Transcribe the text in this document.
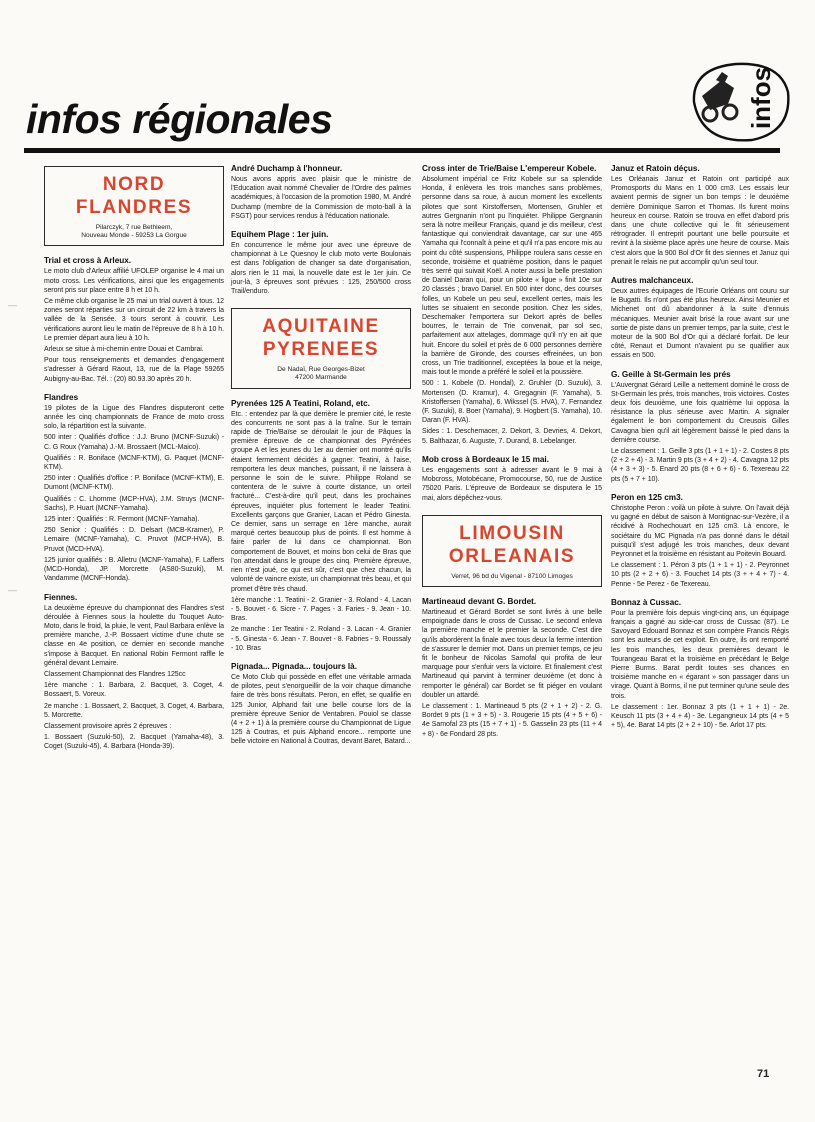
—
—
infos
infos régionales
NORD
FLANDRES
Pilarczyk, 7 rue Bethleem,
Nouveau Monde - 59253 La Gorgue
Trial et cross à Arleux.

Le moto club d'Arleux affilié UFOLEP organise le 4 mai un moto cross. Les vérifications, ainsi que les engagements seront pris sur place entre 8 h et 10 h.

Ce même club organise le 25 mai un trial ouvert à tous. 12 zones seront réparties sur un circuit de 22 km à travers la vallée de la Sensée. 3 tours seront à couvrir. Les vérifications auront lieu le matin de l'épreuve de 8 h à 10 h. Le premier départ aura lieu à 10 h.

Arleux se situe à mi-chemin entre Douai et Cambrai.

Pour tous renseignements et demandes d'engagement s'adresser à Gérard Raout, 13, rue de la Plage 59265 Aubigny-au-Bac. Tél. : (20) 80.93.30 après 20 h.

Flandres

19 pilotes de la Ligue des Flandres disputeront cette année les cinq championnats de France de moto cross solo, la répartition est la suivante.

500 inter : Qualifiés d'office : J.J. Bruno (MCNF-Suzuki) - C. G Roux (Yamaha) J.-M. Brossaert (MCL-Maico).

Qualifiés : R. Boniface (MCNF-KTM), G. Paquet (MCNF-KTM).

250 inter : Qualifiés d'office : P. Boniface (MCNF-KTM), E. Dumont (MCNF-KTM).

Qualifiés : C. Lhomme (MCP-HVA), J.M. Struys (MCNF-Sachs), P. Huart (MCNF-Yamaha).

125 inter : Qualifiés : R. Fermont (MCNF-Yamaha).

250 Senior : Qualifiés : D. Delsart (MCB-Kramer), P. Lemaire (MCNF-Yamaha), C. Pruvot (MCP-HVA), B. Pruvot (MCD-HVA).

125 junior qualifiés : B. Alletru (MCNF-Yamaha), F. Laffers (MCD-Honda), JP. Morcrette (AS80-Suzuki), M. Vandamme (MCNF-Honda).

Fiennes.

La deuxième épreuve du championnat des Flandres s'est déroulée à Fiennes sous la houlette du Touquet Auto-Moto, dans le froid, la pluie, le vent, Paul Barbara enlève la première manche, J.-P. Bossaert victime d'une chute se classe en 4e position, ce dernier en seconde manche s'impose à Bacquet. En national Robin Fermont raffle le général devant Lemaire.

Classement Championnat des Flandres 125cc

1ère manche : 1. Barbara, 2. Bacquet, 3. Coget, 4. Bossaert, 5. Voreux.

2e manche : 1. Bossaert, 2. Bacquet, 3. Coget, 4. Barbara, 5. Morcrette.

Classement provisoire après 2 épreuves :

1. Bossaert (Suzuki-50), 2. Bacquet (Yamaha-48), 3. Coget (Suzuki-45), 4. Barbara (Honda-39).

André Duchamp à l'honneur.

Nous avons appris avec plaisir que le ministre de l'Education avait nommé Chevalier de l'Ordre des palmes académiques, à l'occasion de la promotion 1980, M. André Duchamp (membre de la Commission de moto-ball à la FSGT) pour services rendus à l'éducation nationale.

Equihem Plage : 1er juin.

En concurrence le même jour avec une épreuve de championnat à Le Quesnoy le club moto verte Boulonais est dans l'obligation de changer sa date d'organisation, alors rien le 11 mai, la nouvelle date est le 1er juin. Ce jour-là, 3 épreuves sont prévues : 125, 250/500 cross Trail/enduro.

AQUITAINE
PYRENEES
De Nadaï, Rue Georges-Bizet
47200 Marmande
Pyrenées 125 A Teatini, Roland, etc.

Etc. : entendez par là que derrière le premier cité, le reste des concurrents ne sont pas à la traîne. Sur le terrain rapide de Trie/Baïse se déroulait le jour de Pâques la première épreuve de ce championnat des Pyrénées groupe A et les jeunes du 1er au dernier ont montré qu'ils étaient fermement décidés à gagner. Teatini, à l'aise, remportera les deux manches, puissant, il ne laissera à personne le soin de le suivre. Philippe Roland se contentera de le suivre à courte distance, un orteil fracturé... C'est-à-dire qu'il peut, dans les prochaines épreuves, inquiéter plus fortement le leader Teatini. Excellents garçons que Granier, Lacan et Pédro Ginesta. Ce dernier, sans un serrage en 1ère manche, aurait marqué certes beaucoup plus de points. Il est homme à faire parler de lui dans ce championnat. Bon comportement de Bouvet, et moins bon celui de Bras que l'on attendait dans le groupe des cinq. Première épreuve, rien n'est joué, ce qui est sûr, c'est que chez chacun, la volonté de vaincre existe, un championnat très beau, et qui promet d'être très chaud.

1ère manche : 1. Teatini - 2. Granier - 3. Roland - 4. Lacan - 5. Bouvet - 6. Sicre - 7. Pages - 3. Faries - 9. Jean - 10. Bras.

2e manche : 1er Teatini - 2. Roland - 3. Lacan - 4. Granier - 5. Ginesta - 6. Jean - 7. Bouvet - 8. Fabries - 9. Roussaly - 10. Bras

Pignada... Pignada... toujours là.

Ce Moto Club qui possède en effet une véritable armada de pilotes, peut s'enorgueillir de la voir chaque dimanche faire de très bons résultats. Peron, en effet, se qualifie en 125 Junior, Alphand fait une belle course lors de la première épreuve Senior de Ventabren. Pouiol se classe (4 + 2 + 1) à la première course du Championnat de Ligue 125 à Coutras, et puis Alphand encore... remporte une belle victoire en National à Coutras, devant Baret, Batard...

Cross inter de Trie/Baise L'empereur Kobele.

Absolument impérial ce Fritz Kobele sur sa splendide Honda, il enlèvera les trois manches sans problèmes, personne dans sa roue, à aucun moment les excellents pilotes que sont Kirstoffersen, Mortensen, Gruhler et autres Gergnanin n'ont pu l'inquiéter. Philippe Gergnanin sera là notre meilleur Français, quand je dis meilleur, c'est fantastique qui conviendrait davantage, car sur une 465 Yamaha qui l'connaît à peine et qu'il n'a pas encore mis au point du côté suspensions, Philippe roulera sans cesse en seconde, troisième et quatrième position, dans le paquet très serré qui suivait Koël. A noter aussi la belle prestation de Daniel Daran qui, pour un pilote « ligue » finit 10e sur 20 classés ; bravo Daniel. En 500 inter donc, des courses folles, un Kobele un peu seul, excellent certes, mais les luttes se situaient en seconde position. Chez les sides, Deschemaker l'emportera sur Dekort après de belles bourres, le terrain de Trie convenait, par sol sec, parfaitement aux attelages, dommage qu'il n'y en ait que huit. Encore du soleil et près de 6 000 personnes derrière la barrière de Gironde, des courses effreinées, un bon cross, un Trie traditionnel, exceptées la boue et la neige, mais tout le monde a préféré le soleil et la poussière.

500 : 1. Kobele (D. Hondal), 2. Gruhler (D. Suzuki), 3. Mortensen (D. Kramur), 4. Gregagnin (F. Yamaha), 5. Kristoffersen (Yamaha), 6. Wikssel (S. HVA), 7. Fernandez (F. Suzuki), 8. Boer (Yamaha), 9. Hogbert (S. Yamaha), 10. Daran (F. HVA).

Sides : 1. Deschemacer, 2. Dekort, 3. Devries, 4. Dekort, 5. Balthazar, 6. Auguste, 7. Durand, 8. Lebelanger.

Mob cross à Bordeaux le 15 mai.

Les engagements sont à adresser avant le 9 mai à Mobcross, Motobécane, Promocourse, 50, rue de Justice 75020 Paris. L'épreuve de Bordeaux se disputera le 15 mai, alors dépêchez-vous.

LIMOUSIN
ORLEANAIS
Verret, 96 bd du Vigenal - 87100 Limoges
Martineaud devant G. Bordet.

Martineaud et Gérard Bordet se sont livrés à une belle empoignade dans le cross de Cussac. Le second enleva la première manche et le premier la seconde. C'est dire qu'ils abordèrent la finale avec tous deux la ferme intention de s'assurer le dernier mot. Dans un premier temps, ce jeu fit le bonheur de Nicolas Samofal qui profita de leur marquage pour s'enfuir vers la victoire. Et finalement c'est Martineaud qui parvint à terminer deuxième (et donc à remporter le général) car Bordet se fit piéger en voulant doubler un attardé.

Le classement : 1. Martineaud 5 pts (2 + 1 + 2) - 2. G. Bordet 9 pts (1 + 3 + 5) - 3. Rougerie 15 pts (4 + 5 + 6) - 4e Samofal 23 pts (15 + 7 + 1) - 5. Gasselin 23 pts (11 + 4 + 8) - 6e Fondard 28 pts.

Januz et Ratoin déçus.

Les Orléanais Januz et Ratoin ont participé aux Promosports du Mans en 1 000 cm3. Les essais leur avaient permis de signer un bon temps : le deuxième derrière Dominique Sarron et Thomas. Ils furent moins heureux en course. Ratoin se trouva en effet d'abord pris dans une chute collective qui le fit sérieusement rétrograder. Il entreprit pourtant une belle poursuite et revint à la sixième place après une heure de course. Mais c'est alors que la 900 Bol d'Or fit des siennes et Januz qui prenait le relais ne put accomplir qu'un seul tour.

Autres malchanceux.

Deux autres équipages de l'Ecurie Orléans ont couru sur le Bugatti. Ils n'ont pas été plus heureux. Ainsi Meunier et Michenet ont dû abandonner à la suite d'ennuis mécaniques. Meunier avait brisé la roue avant sur une sortie de piste dans un premier temps, par la suite, c'est le moteur de la 900 Bol d'Or qui a déclaré forfait. De leur côté, Renaut et Dumont n'avaient pu se qualifier aux essais en 500.

G. Geille à St-Germain les prés

L'Auvergnat Gérard Leille a nettement dominé le cross de St-Germain les prés, trois manches, trois victoires. Costes deux fois deuxième, une fois quatrième lui opposa la résistance la plus sérieuse avec Martin. A signaler également le bon comportement du Creusois Gilles Cavagna bien qu'il ait légèrement baissé le pied dans la dernière course.

Le classement : 1. Geille 3 pts (1 + 1 + 1) - 2. Costes 8 pts (2 + 2 + 4) - 3. Martin 9 pts (3 + 4 + 2) - 4. Cavagna 12 pts (4 + 3 + 3) - 5. Enard 20 pts (8 + 6 + 6) - 6. Texereau 22 pts (5 + 7 + 10).

Peron en 125 cm3.

Christophe Peron : voilà un pilote à suivre. On l'avait déjà vu gagné en début de saison à Montignac-sur-Vezère, il a récidivé à Rochechouart en 125 cm3. Là encore, le sociétaire du MC Pignada n'a pas donné dans le détail puisqu'il s'est adjugé les trois manches, deux devant Peyronnet et la troisième en résistant au Poitevin Bouard.

Le classement : 1. Péron 3 pts (1 + 1 + 1) - 2. Peyronnet 10 pts (2 + 2 + 6) - 3. Fouchet 14 pts (3 + + 4 + 7) - 4. Penne - 5e Perez - 6e Texereau.

Bonnaz à Cussac.

Pour la première fois depuis vingt-cinq ans, un équipage français a gagné au side-car cross de Cussac (87). Le Savoyard Edouard Bonnaz et son compère Francis Régis sont les auteurs de cet exploit. En outre, ils ont remporté les trois manches, les deux premières devant le Tourangeau Barat et la troisième en précédant le Belge Pierre Burms. Barat perdit toutes ses chances en troisième manche en « égarant » son passager dans un virage. Quant à Borms, il ne put terminer qu'une seule des trois.

Le classement : 1er. Bonnaz 3 pts (1 + 1 + 1) - 2e. Keusch 11 pts (3 + 4 + 4) - 3e. Legangneux 14 pts (4 + 5 + 5), 4e. Barat 14 pts (2 + 2 + 10) - 5e. Arlot 17 pts.

71
